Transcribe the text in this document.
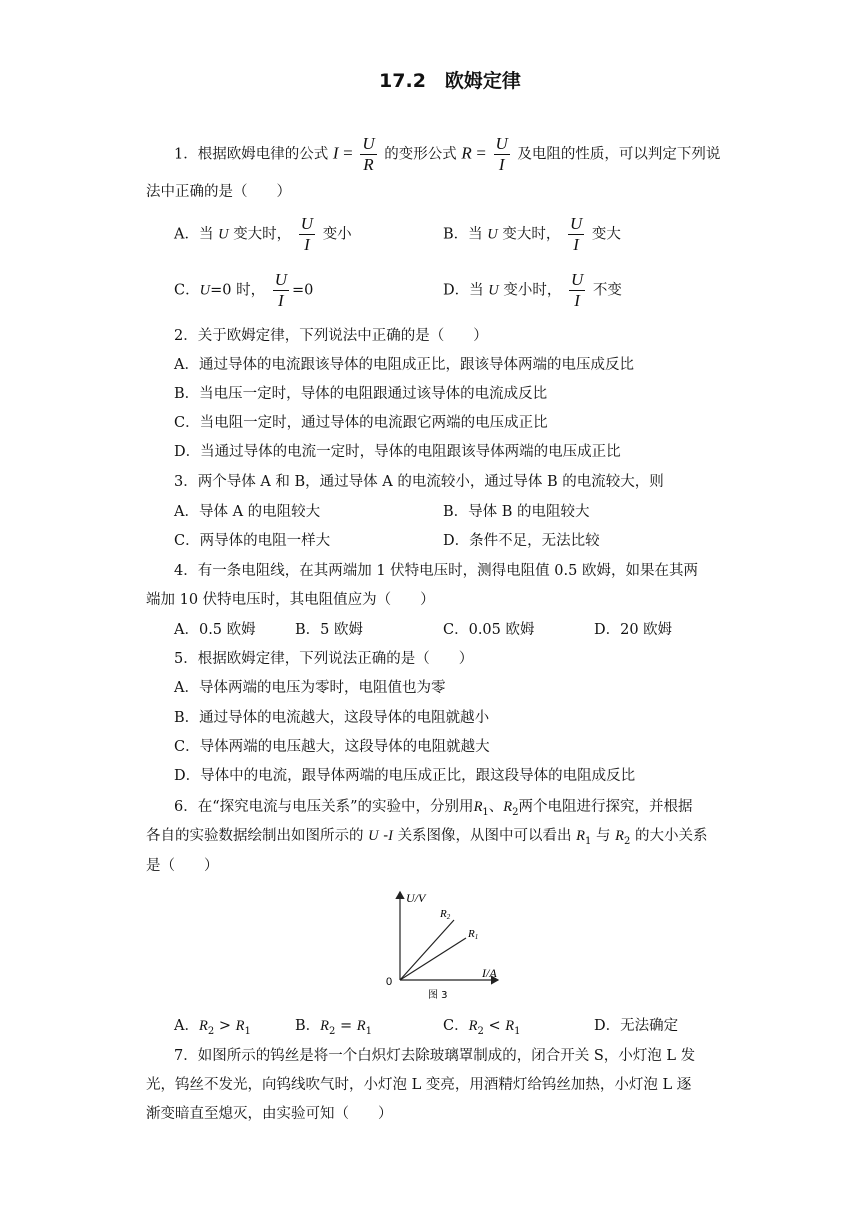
17.2　欧姆定律
1．根据欧姆电律的公式 $I = \frac{U}{R}$ 的变形公式 $R = \frac{U}{I}$ 及电阻的性质，可以判定下列说
法中正确的是（　　）
A．当 U 变大时， $\frac{U}{I}$ 变小	B．当 U 变大时， $\frac{U}{I}$ 变大
C．U=0 时， $\frac{U}{I} =0$	D．当 U 变小时， $\frac{U}{I}$ 不变
2．关于欧姆定律，下列说法中正确的是（　　）
A．通过导体的电流跟该导体的电阻成正比，跟该导体两端的电压成反比
B．当电压一定时，导体的电阻跟通过该导体的电流成反比
C．当电阻一定时，通过导体的电流跟它两端的电压成正比
D．当通过导体的电流一定时，导体的电阻跟该导体两端的电压成正比
3．两个导体 A 和 B，通过导体 A 的电流较小，通过导体 B 的电流较大，则
A．导体 A 的电阻较大	B．导体 B 的电阻较大
C．两导体的电阻一样大	D．条件不足，无法比较
4．有一条电阻线，在其两端加 1 伏特电压时，测得电阻值 0.5 欧姆，如果在其两
端加 10 伏特电压时，其电阻值应为（　　）
A．0.5 欧姆	B．5 欧姆	C．0.05 欧姆	D．20 欧姆
5．根据欧姆定律，下列说法正确的是（　　）
A．导体两端的电压为零时，电阻值也为零
B．通过导体的电流越大，这段导体的电阻就越小
C．导体两端的电压越大，这段导体的电阻就越大
D．导体中的电流，跟导体两端的电压成正比，跟这段导体的电阻成反比
6．在“探究电流与电压关系”的实验中，分别用$R_1$、$R_2$两个电阻进行探究，并根据
各自的实验数据绘制出如图所示的 U -I 关系图像，从图中可以看出 $R_1$ 与 $R_2$ 的大小关系
是（　　）
U/V
I/A
0
R2
R1
图 3
A．$R_2 > R_1$	B．$R_2 = R_1$	C．$R_2 < R_1$	D．无法确定
7．如图所示的钨丝是将一个白炽灯去除玻璃罩制成的，闭合开关 S，小灯泡 L 发
光，钨丝不发光，向钨线吹气时，小灯泡 L 变亮，用酒精灯给钨丝加热，小灯泡 L 逐
渐变暗直至熄灭，由实验可知（　　）
